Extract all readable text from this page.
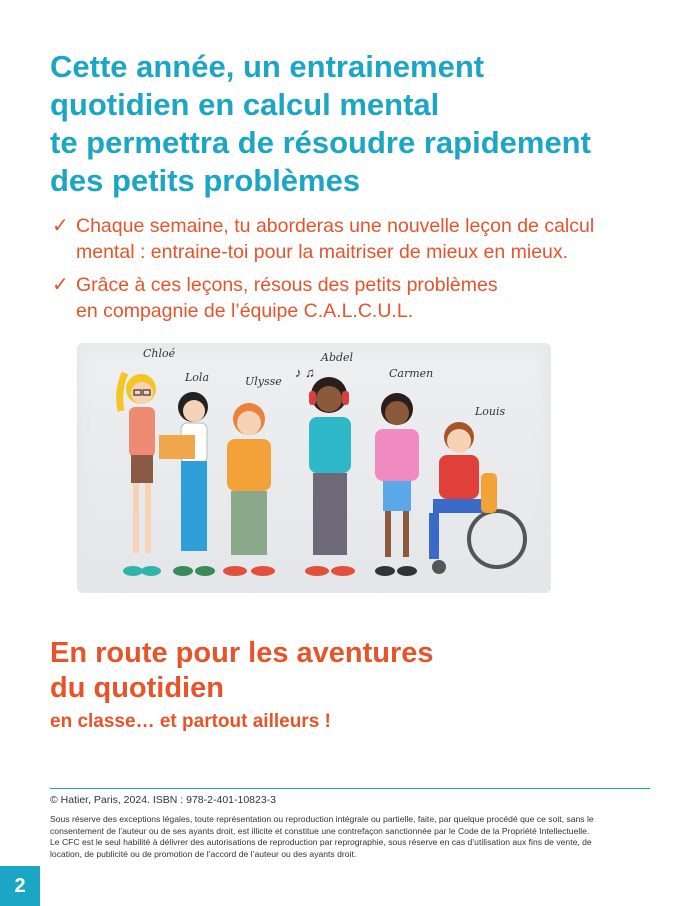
Cette année, un entrainement
quotidien en calcul mental
te permettra de résoudre rapidement
des petits problèmes
✓ Chaque semaine, tu aborderas une nouvelle leçon de calcul
mental : entraine-toi pour la maitriser de mieux en mieux.
✓ Grâce à ces leçons, résous des petits problèmes
en compagnie de l’équipe C.A.L.C.U.L.
Chloé
Lola	Ulysse
Abdel
♪ ♫	Carmen
Louis
En route pour les aventures
du quotidien

en classe… et partout ailleurs !

© Hatier, Paris, 2024. ISBN : 978-2-401-10823-3

Sous réserve des exceptions légales, toute représentation ou reproduction intégrale ou partielle, faite, par quelque procédé que ce soit, sans le
consentement de l’auteur ou de ses ayants droit, est illicite et constitue une contrefaçon sanctionnée par le Code de la Propriété Intellectuelle.
Le CFC est le seul habilité à délivrer des autorisations de reproduction par reprographie, sous réserve en cas d’utilisation aux fins de vente, de
location, de publicité ou de promotion de l’accord de l’auteur ou des ayants droit.

2
